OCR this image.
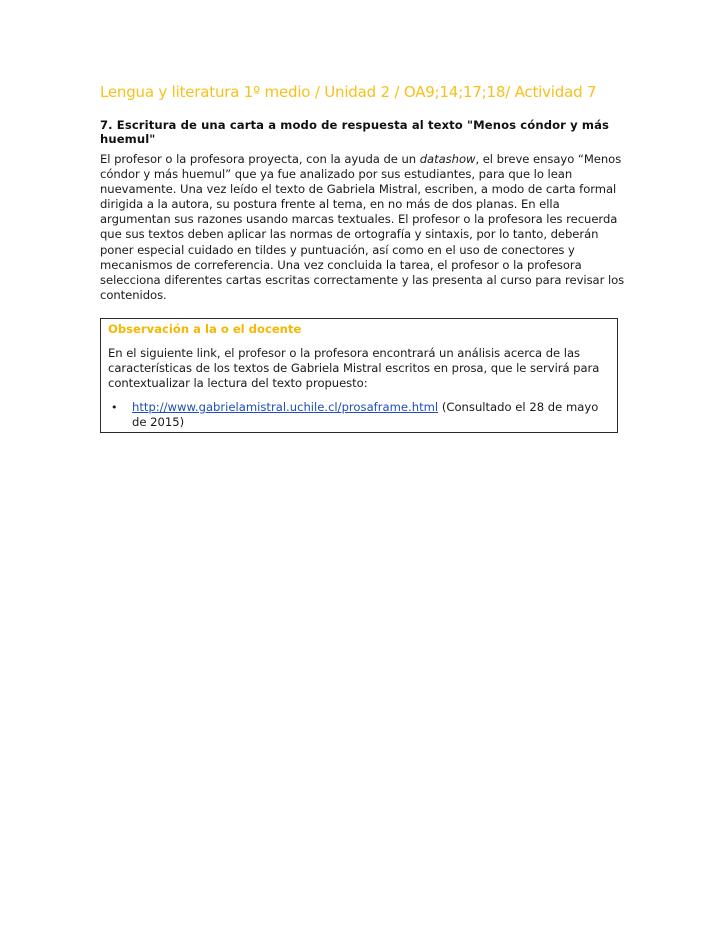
Lengua y literatura 1º medio / Unidad 2 / OA9;14;17;18/ Actividad 7
7. Escritura de una carta a modo de respuesta al texto "Menos cóndor y más huemul"

El profesor o la profesora proyecta, con la ayuda de un datashow, el breve ensayo “Menos cóndor y más huemul” que ya fue analizado por sus estudiantes, para que lo lean nuevamente. Una vez leído el texto de Gabriela Mistral, escriben, a modo de carta formal dirigida a la autora, su postura frente al tema, en no más de dos planas. En ella argumentan sus razones usando marcas textuales. El profesor o la profesora les recuerda que sus textos deben aplicar las normas de ortografía y sintaxis, por lo tanto, deberán poner especial cuidado en tildes y puntuación, así como en el uso de conectores y mecanismos de correferencia. Una vez concluida la tarea, el profesor o la profesora selecciona diferentes cartas escritas correctamente y las presenta al curso para revisar los contenidos.

Observación a la o el docente

En el siguiente link, el profesor o la profesora encontrará un análisis acerca de las características de los textos de Gabriela Mistral escritos en prosa, que le servirá para contextualizar la lectura del texto propuesto:

• http://www.gabrielamistral.uchile.cl/prosaframe.html (Consultado el 28 de mayo de 2015)
